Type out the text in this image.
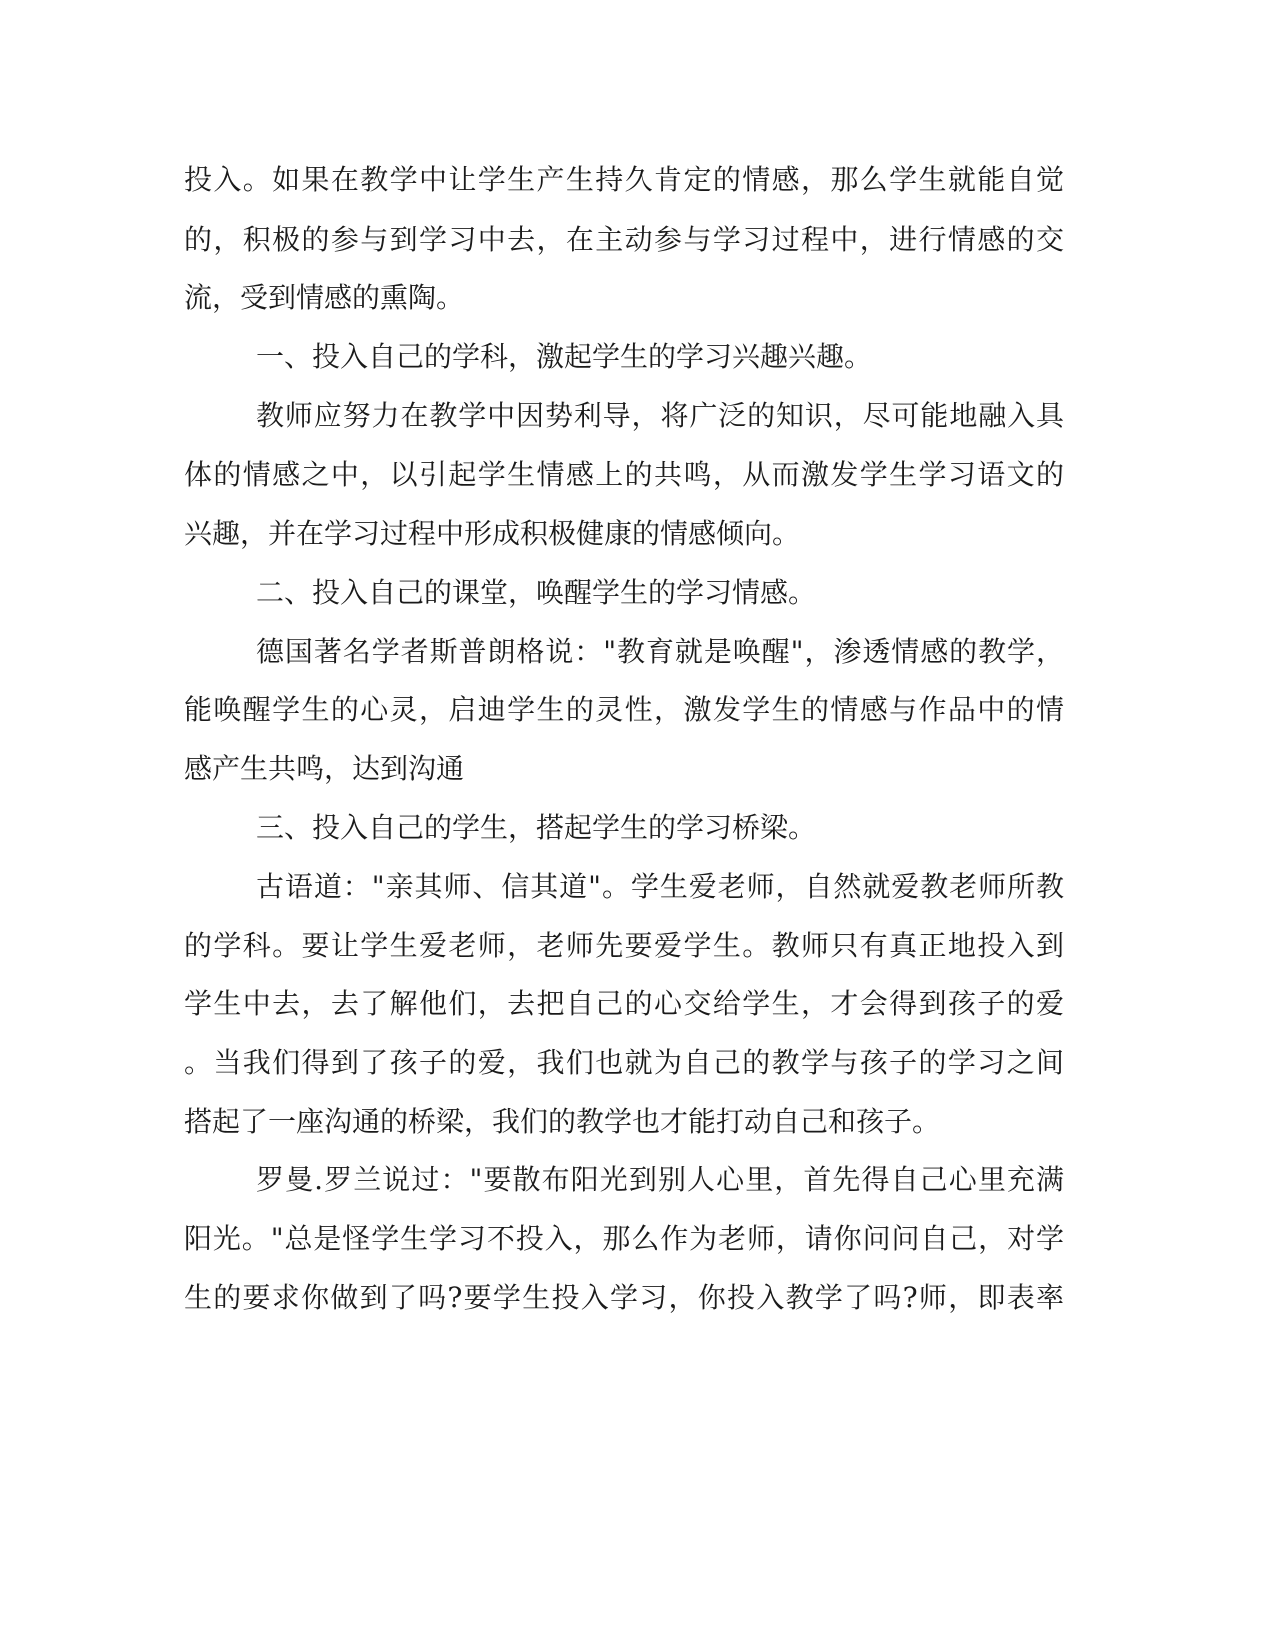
投入。如果在教学中让学生产生持久肯定的情感，那么学生就能自觉
的，积极的参与到学习中去，在主动参与学习过程中，进行情感的交
流，受到情感的熏陶。
一、投入自己的学科，激起学生的学习兴趣兴趣。
教师应努力在教学中因势利导，将广泛的知识，尽可能地融入具
体的情感之中，以引起学生情感上的共鸣，从而激发学生学习语文的
兴趣，并在学习过程中形成积极健康的情感倾向。
二、投入自己的课堂，唤醒学生的学习情感。
德国著名学者斯普朗格说："教育就是唤醒"，渗透情感的教学，
能唤醒学生的心灵，启迪学生的灵性，激发学生的情感与作品中的情
感产生共鸣，达到沟通
三、投入自己的学生，搭起学生的学习桥梁。
古语道："亲其师、信其道"。学生爱老师，自然就爱教老师所教
的学科。要让学生爱老师，老师先要爱学生。教师只有真正地投入到
学生中去，去了解他们，去把自己的心交给学生，才会得到孩子的爱
。当我们得到了孩子的爱，我们也就为自己的教学与孩子的学习之间
搭起了一座沟通的桥梁，我们的教学也才能打动自己和孩子。
罗曼.罗兰说过："要散布阳光到别人心里，首先得自己心里充满
阳光。"总是怪学生学习不投入，那么作为老师，请你问问自己，对学
生的要求你做到了吗?要学生投入学习，你投入教学了吗?师，即表率
